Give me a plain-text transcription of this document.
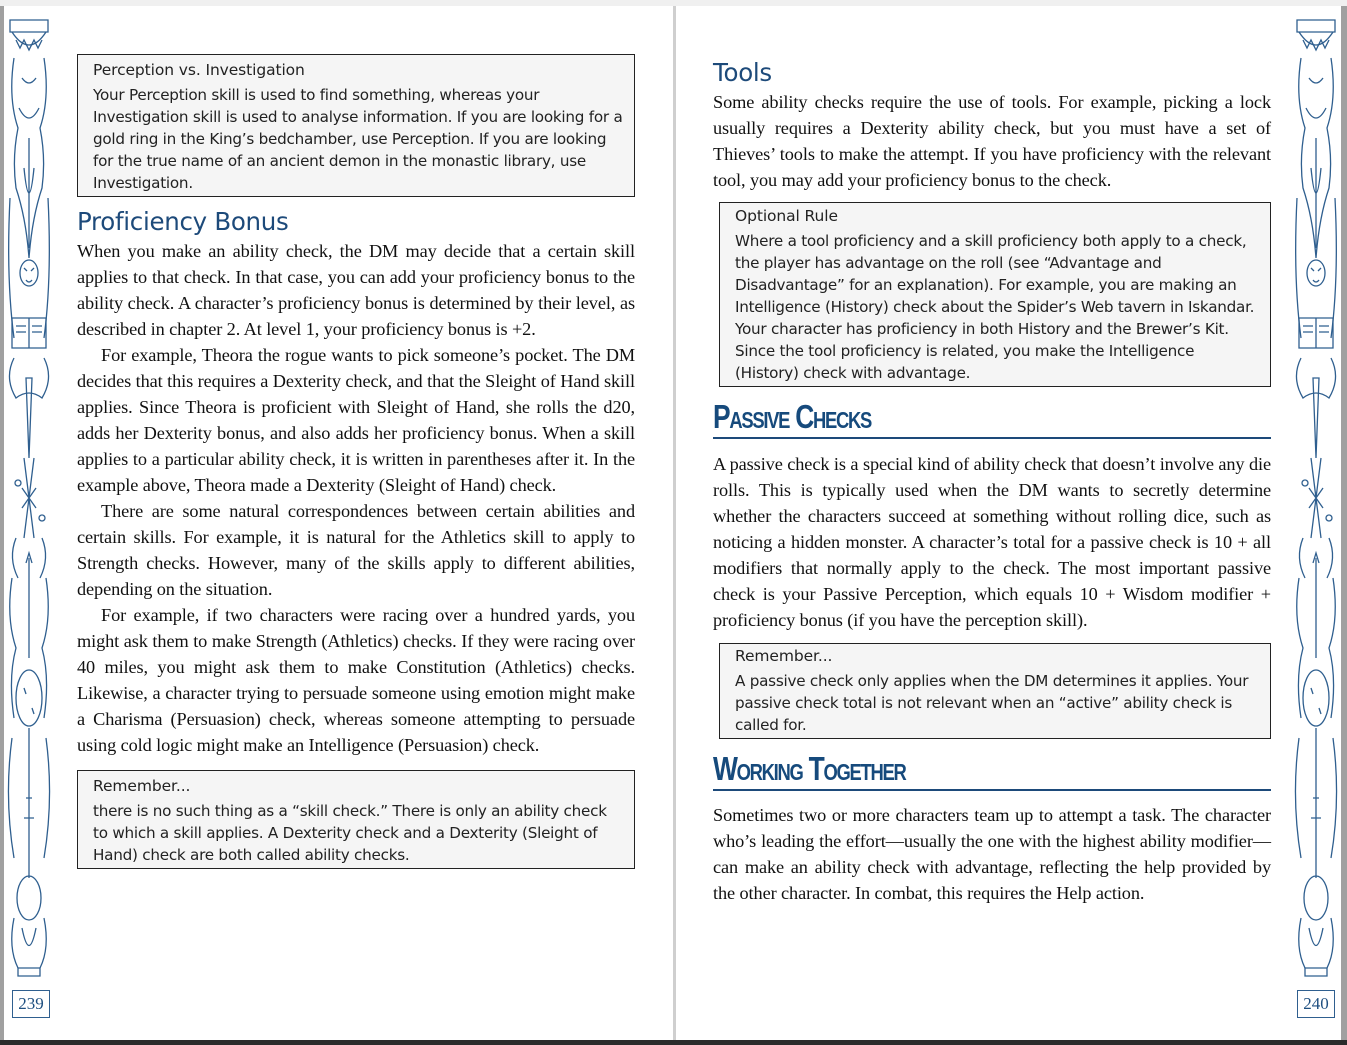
239
Perception vs. Investigation
Your Perception skill is used to find something, whereas your Investigation skill is used to analyse information. If you are looking for a gold ring in the King’s bedchamber, use Perception. If you are looking for the true name of an ancient demon in the monastic library, use Investigation.
Proficiency Bonus

When you make an ability check, the DM may decide that a certain skill applies to that check. In that case, you can add your proficiency bonus to the ability check. A character’s proficiency bonus is determined by their level, as described in chapter 2. At level 1, your proficiency bonus is +2.

For example, Theora the rogue wants to pick someone’s pocket. The DM decides that this requires a Dexterity check, and that the Sleight of Hand skill applies. Since Theora is proficient with Sleight of Hand, she rolls the d20, adds her Dexterity bonus, and also adds her proficiency bonus. When a skill applies to a particular ability check, it is written in parentheses after it. In the example above, Theora made a Dexterity (Sleight of Hand) check.

There are some natural correspondences between certain abilities and certain skills. For example, it is natural for the Athletics skill to apply to Strength checks. However, many of the skills apply to different abilities, depending on the situation.

For example, if two characters were racing over a hundred yards, you might ask them to make Strength (Athletics) checks. If they were racing over 40 miles, you might ask them to make Constitution (Athletics) checks. Likewise, a character trying to persuade someone using emotion might make a Charisma (Persuasion) check, whereas someone attempting to persuade using cold logic might make an Intelligence (Persuasion) check.

Remember...
there is no such thing as a “skill check.” There is only an ability check to which a skill applies. A Dexterity check and a Dexterity (Sleight of Hand) check are both called ability checks.
240
Tools

Some ability checks require the use of tools. For example, picking a lock usually requires a Dexterity ability check, but you must have a set of Thieves’ tools to make the attempt. If you have proficiency with the relevant tool, you may add your proficiency bonus to the check.

Optional Rule
Where a tool proficiency and a skill proficiency both apply to a check, the player has advantage on the roll (see “Advantage and Disadvantage” for an explanation). For example, you are making an Intelligence (History) check about the Spider’s Web tavern in Iskandar. Your character has proficiency in both History and the Brewer’s Kit. Since the tool proficiency is related, you make the Intelligence (History) check with advantage.
Passive Checks

A passive check is a special kind of ability check that doesn’t involve any die rolls. This is typically used when the DM wants to secretly determine whether the characters succeed at something without rolling dice, such as noticing a hidden monster. A character’s total for a passive check is 10 + all modifiers that normally apply to the check. The most important passive check is your Passive Perception, which equals 10 + Wisdom modifier + proficiency bonus (if you have the perception skill).

Remember...
A passive check only applies when the DM determines it applies. Your passive check total is not relevant when an “active” ability check is called for.
Working Together

Sometimes two or more characters team up to attempt a task. The character who’s leading the effort—usually the one with the highest ability modifier—can make an ability check with advantage, reflecting the help provided by the other character. In combat, this requires the Help action.
